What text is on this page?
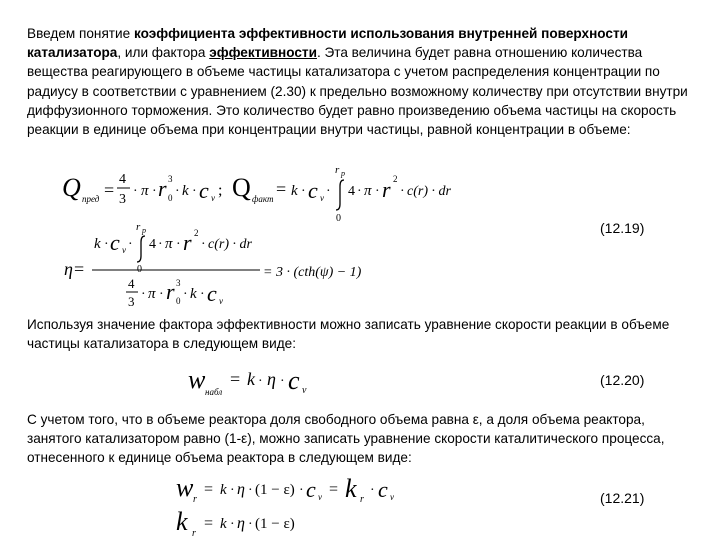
Введем понятие коэффициента эффективности использования внутренней поверхности катализатора, или фактора эффективности. Эта величина будет равна отношению количества вещества реагирующего в объеме частицы катализатора с учетом распределения концентрации по радиусу в соответствии с уравнением (2.30) к предельно возможному количеству при отсутствии внутри диффузионного торможения. Это количество будет равно произведению объема частицы на скорость реакции в единице объема при концентрации внутри частицы, равной концентрации в объеме:
Q пред =
4
3
· π · r 0
3
· k · c v ; Q факт = k · c v ·
r p
0
4 · π · r 2
· c(r) · dr
η =
k · c v ·
r p
0
4 · π · r 2
· c(r) · dr
4
3 · π · r 0
3
· k · c v
= 3 · (cth(ψ) − 1)
w набл
= k · η · c v
w r
= k · η · (1 − ε) · c v = k r
· c v
k r
= k · η · (1 − ε)
(12.19)
Используя значение фактора эффективности можно записать уравнение скорости реакции в объеме частицы катализатора в следующем виде:
(12.20)
С учетом того, что в объеме реактора доля свободного объема равна ε, а доля объема реактора, занятого катализатором равно (1-ε), можно записать уравнение скорости каталитического процесса, отнесенного к единице объема реактора в следующем виде:
(12.21)
